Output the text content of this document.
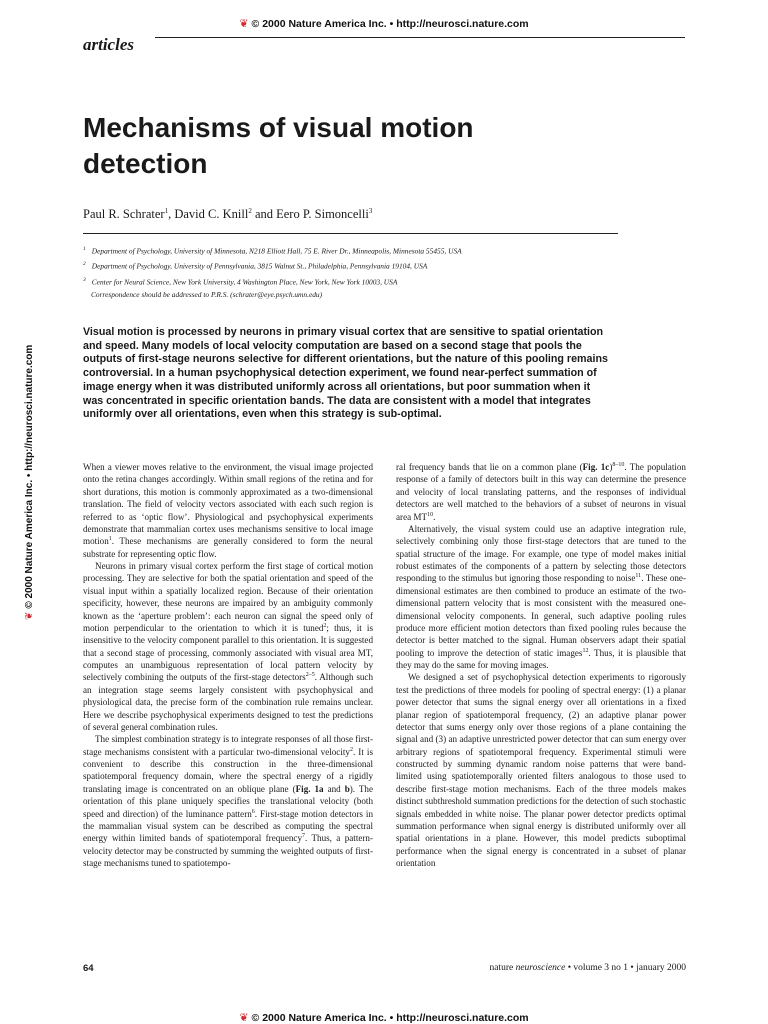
❦ © 2000 Nature America Inc. • http://neurosci.nature.com
articles
Mechanisms of visual motion detection
Paul R. Schrater$^1$, David C. Knill$^2$ and Eero P. Simoncelli$^3$
$^1$ Department of Psychology, University of Minnesota, N218 Elliott Hall, 75 E. River Dr., Minneapolis, Minnesota 55455, USA
$^2$ Department of Psychology, University of Pennsylvania, 3815 Walnut St., Philadelphia, Pennsylvania 19104, USA
$^3$ Center for Neural Science, New York University, 4 Washington Place, New York, New York 10003, USA
Correspondence should be addressed to P.R.S. (schrater@eye.psych.umn.edu)
Visual motion is processed by neurons in primary visual cortex that are sensitive to spatial orientation and speed. Many models of local velocity computation are based on a second stage that pools the outputs of first-stage neurons selective for different orientations, but the nature of this pooling remains controversial. In a human psychophysical detection experiment, we found near-perfect summation of image energy when it was distributed uniformly across all orientations, but poor summation when it was concentrated in specific orientation bands. The data are consistent with a model that integrates uniformly over all orientations, even when this strategy is sub-optimal.
❦© 2000 Nature America Inc. • http://neurosci.nature.com	When a viewer moves relative to the environment, the visual image projected onto the retina changes accordingly. Within small regions of the retina and for short durations, this motion is commonly approximated as a two-dimensional translation. The field of velocity vectors associated with each such region is referred to as ‘optic flow’. Physiological and psychophysical experiments demonstrate that mammalian cortex uses mechanisms sensitive to local image motion$^1$. These mechanisms are generally considered to form the neural substrate for representing optic flow.

Neurons in primary visual cortex perform the first stage of cortical motion processing. They are selective for both the spatial orientation and speed of the visual input within a spatially localized region. Because of their orientation specificity, however, these neurons are impaired by an ambiguity commonly known as the ‘aperture problem’: each neuron can signal the speed only of motion perpendicular to the orientation to which it is tuned$^2$; thus, it is insensitive to the velocity component parallel to this orientation. It is suggested that a second stage of processing, commonly associated with visual area MT, computes an unambiguous representation of local pattern velocity by selectively combining the outputs of the first-stage detectors$^{2-5}$. Although such an integration stage seems largely consistent with psychophysical and physiological data, the precise form of the combination rule remains unclear. Here we describe psychophysical experiments designed to test the predictions of several general combination rules.

The simplest combination strategy is to integrate responses of all those first-stage mechanisms consistent with a particular two-dimensional velocity$^2$. It is convenient to describe this construction in the three-dimensional spatiotemporal frequency domain, where the spectral energy of a rigidly translating image is concentrated on an oblique plane (Fig. 1a and b). The orientation of this plane uniquely specifies the translational velocity (both speed and direction) of the luminance pattern$^6$. First-stage motion detectors in the mammalian visual system can be described as computing the spectral energy within limited bands of spatiotemporal frequency$^7$. Thus, a pattern-velocity detector may be constructed by summing the weighted outputs of first-stage mechanisms tuned to spatiotempo-

ral frequency bands that lie on a common plane (Fig. 1c)$^{8-10}$. The population response of a family of detectors built in this way can determine the presence and velocity of local translating patterns, and the responses of individual detectors are well matched to the behaviors of a subset of neurons in visual area MT$^{10}$.

Alternatively, the visual system could use an adaptive integration rule, selectively combining only those first-stage detectors that are tuned to the spatial structure of the image. For example, one type of model makes initial robust estimates of the components of a pattern by selecting those detectors responding to the stimulus but ignoring those responding to noise$^{11}$. These one-dimensional estimates are then combined to produce an estimate of the two-dimensional pattern velocity that is most consistent with the measured one-dimensional velocity components. In general, such adaptive pooling rules produce more efficient motion detectors than fixed pooling rules because the detector is better matched to the signal. Human observers adapt their spatial pooling to improve the detection of static images$^{12}$. Thus, it is plausible that they may do the same for moving images.

We designed a set of psychophysical detection experiments to rigorously test the predictions of three models for pooling of spectral energy: (1) a planar power detector that sums the signal energy over all orientations in a fixed planar region of spatiotemporal frequency, (2) an adaptive planar power detector that sums energy only over those regions of a plane containing the signal and (3) an adaptive unrestricted power detector that can sum energy over arbitrary regions of spatiotemporal frequency. Experimental stimuli were constructed by summing dynamic random noise patterns that were band-limited using spatiotemporally oriented filters analogous to those used to describe first-stage motion mechanisms. Each of the three models makes distinct subthreshold summation predictions for the detection of such stochastic signals embedded in white noise. The planar power detector predicts optimal summation performance when signal energy is distributed uniformly over all spatial orientations in a plane. However, this model predicts suboptimal performance when the signal energy is concentrated in a subset of planar orientation

64	nature neuroscience • volume 3 no 1 • january 2000
❦ © 2000 Nature America Inc. • http://neurosci.nature.com
